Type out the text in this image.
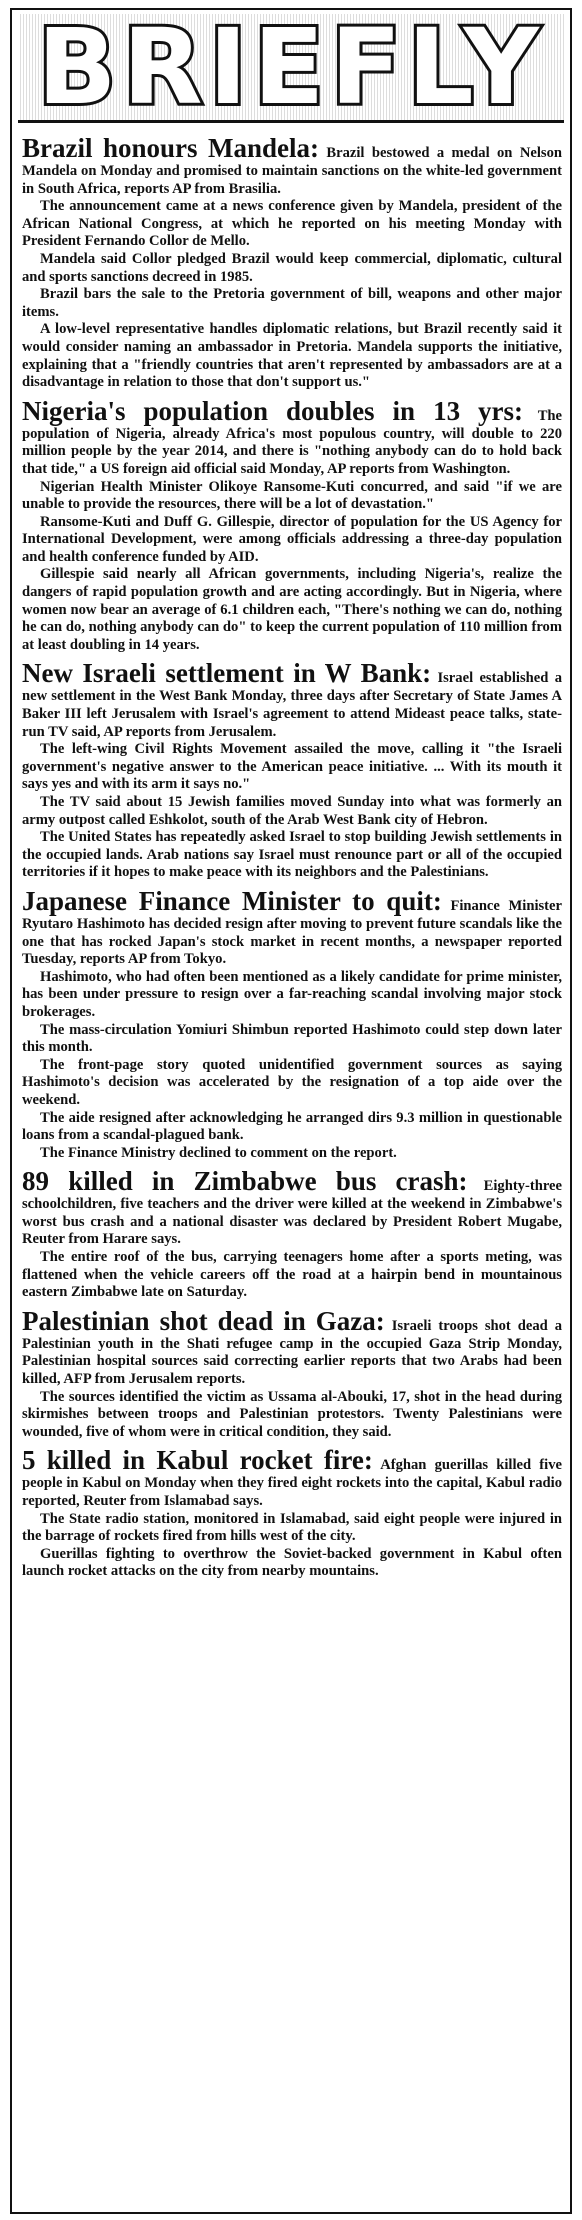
BRIEFLY

Brazil honours Mandela: Brazil bestowed a medal on Nelson Mandela on Monday and promised to maintain sanctions on the white-led government in South Africa, reports AP from Brasilia.

The announcement came at a news conference given by Mandela, president of the African National Congress, at which he reported on his meeting Monday with President Fernando Collor de Mello.

Mandela said Collor pledged Brazil would keep commercial, diplomatic, cultural and sports sanctions decreed in 1985.

Brazil bars the sale to the Pretoria government of bill, weapons and other major items.

A low-level representative handles diplomatic relations, but Brazil recently said it would consider naming an ambassador in Pretoria. Mandela supports the initiative, explaining that a "friendly countries that aren't represented by ambassadors are at a disadvantage in relation to those that don't support us."

Nigeria's population doubles in 13 yrs: The population of Nigeria, already Africa's most populous country, will double to 220 million people by the year 2014, and there is "nothing anybody can do to hold back that tide," a US foreign aid official said Monday, AP reports from Washington.

Nigerian Health Minister Olikoye Ransome-Kuti concurred, and said "if we are unable to provide the resources, there will be a lot of devastation."

Ransome-Kuti and Duff G. Gillespie, director of population for the US Agency for International Development, were among officials addressing a three-day population and health conference funded by AID.

Gillespie said nearly all African governments, including Nigeria's, realize the dangers of rapid population growth and are acting accordingly. But in Nigeria, where women now bear an average of 6.1 children each, "There's nothing we can do, nothing he can do, nothing anybody can do" to keep the current population of 110 million from at least doubling in 14 years.

New Israeli settlement in W Bank: Israel established a new settlement in the West Bank Monday, three days after Secretary of State James A Baker III left Jerusalem with Israel's agreement to attend Mideast peace talks, state-run TV said, AP reports from Jerusalem.

The left-wing Civil Rights Movement assailed the move, calling it "the Israeli government's negative answer to the American peace initiative. ... With its mouth it says yes and with its arm it says no."

The TV said about 15 Jewish families moved Sunday into what was formerly an army outpost called Eshkolot, south of the Arab West Bank city of Hebron.

The United States has repeatedly asked Israel to stop building Jewish settlements in the occupied lands. Arab nations say Israel must renounce part or all of the occupied territories if it hopes to make peace with its neighbors and the Palestinians.

Japanese Finance Minister to quit: Finance Minister Ryutaro Hashimoto has decided resign after moving to prevent future scandals like the one that has rocked Japan's stock market in recent months, a newspaper reported Tuesday, reports AP from Tokyo.

Hashimoto, who had often been mentioned as a likely candidate for prime minister, has been under pressure to resign over a far-reaching scandal involving major stock brokerages.

The mass-circulation Yomiuri Shimbun reported Hashimoto could step down later this month.

The front-page story quoted unidentified government sources as saying Hashimoto's decision was accelerated by the resignation of a top aide over the weekend.

The aide resigned after acknowledging he arranged dirs 9.3 million in questionable loans from a scandal-plagued bank.

The Finance Ministry declined to comment on the report.

89 killed in Zimbabwe bus crash: Eighty-three schoolchildren, five teachers and the driver were killed at the weekend in Zimbabwe's worst bus crash and a national disaster was declared by President Robert Mugabe, Reuter from Harare says.

The entire roof of the bus, carrying teenagers home after a sports meting, was flattened when the vehicle careers off the road at a hairpin bend in mountainous eastern Zimbabwe late on Saturday.

Palestinian shot dead in Gaza: Israeli troops shot dead a Palestinian youth in the Shati refugee camp in the occupied Gaza Strip Monday, Palestinian hospital sources said correcting earlier reports that two Arabs had been killed, AFP from Jerusalem reports.

The sources identified the victim as Ussama al-Abouki, 17, shot in the head during skirmishes between troops and Palestinian protestors. Twenty Palestinians were wounded, five of whom were in critical condition, they said.

5 killed in Kabul rocket fire: Afghan guerillas killed five people in Kabul on Monday when they fired eight rockets into the capital, Kabul radio reported, Reuter from Islamabad says.

The State radio station, monitored in Islamabad, said eight people were injured in the barrage of rockets fired from hills west of the city.

Guerillas fighting to overthrow the Soviet-backed government in Kabul often launch rocket attacks on the city from nearby mountains.
